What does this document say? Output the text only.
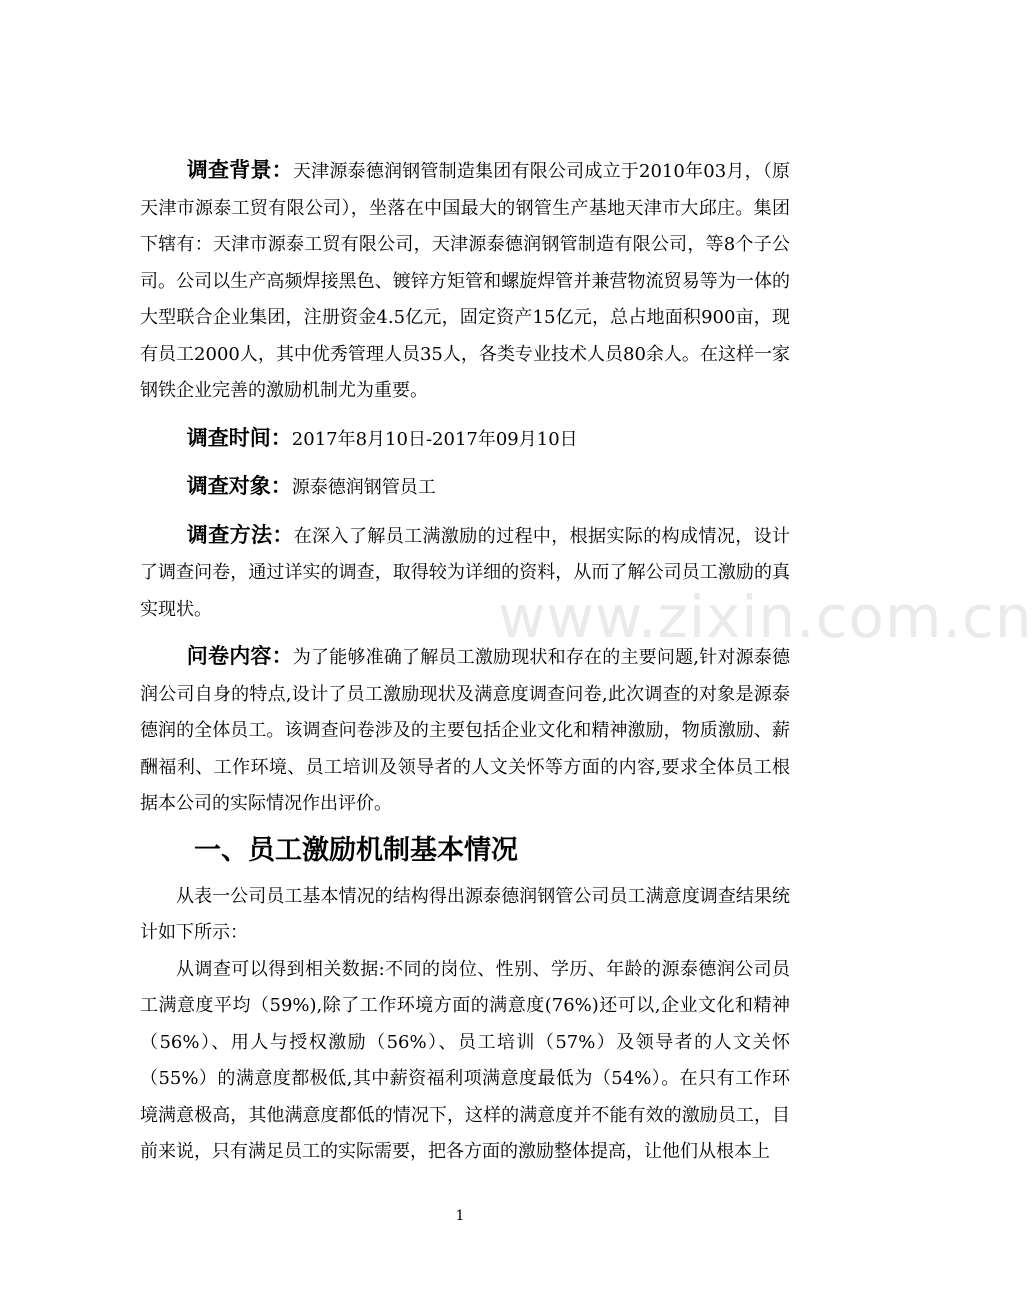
调查背景：天津源泰德润钢管制造集团有限公司成立于2010年03月，（原天津市源泰工贸有限公司），坐落在中国最大的钢管生产基地天津市大邱庄。集团下辖有：天津市源泰工贸有限公司，天津源泰德润钢管制造有限公司，等8个子公司。公司以生产高频焊接黑色、镀锌方矩管和螺旋焊管并兼营物流贸易等为一体的大型联合企业集团，注册资金4.5亿元，固定资产15亿元，总占地面积900亩，现有员工2000人，其中优秀管理人员35人，各类专业技术人员80余人。在这样一家钢铁企业完善的激励机制尤为重要。

调查时间：2017年8月10日-2017年09月10日

调查对象：源泰德润钢管员工

调查方法：在深入了解员工满激励的过程中，根据实际的构成情况，设计了调查问卷，通过详实的调查，取得较为详细的资料，从而了解公司员工激励的真实现状。

问卷内容：为了能够准确了解员工激励现状和存在的主要问题,针对源泰德润公司自身的特点,设计了员工激励现状及满意度调查问卷,此次调查的对象是源泰德润的全体员工。该调查问卷涉及的主要包括企业文化和精神激励，物质激励、薪酬福利、工作环境、员工培训及领导者的人文关怀等方面的内容,要求全体员工根据本公司的实际情况作出评价。

一、员工激励机制基本情况

从表一公司员工基本情况的结构得出源泰德润钢管公司员工满意度调查结果统计如下所示：

从调查可以得到相关数据:不同的岗位、性别、学历、年龄的源泰德润公司员工满意度平均（59%),除了工作环境方面的满意度(76%)还可以,企业文化和精神（56%）、用人与授权激励（56%）、员工培训（57%）及领导者的人文关怀（55%）的满意度都极低,其中薪资福利项满意度最低为（54%）。在只有工作环境满意极高，其他满意度都低的情况下，这样的满意度并不能有效的激励员工，目前来说，只有满足员工的实际需要，把各方面的激励整体提高，让他们从根本上

www.zixin.com.cn
1
